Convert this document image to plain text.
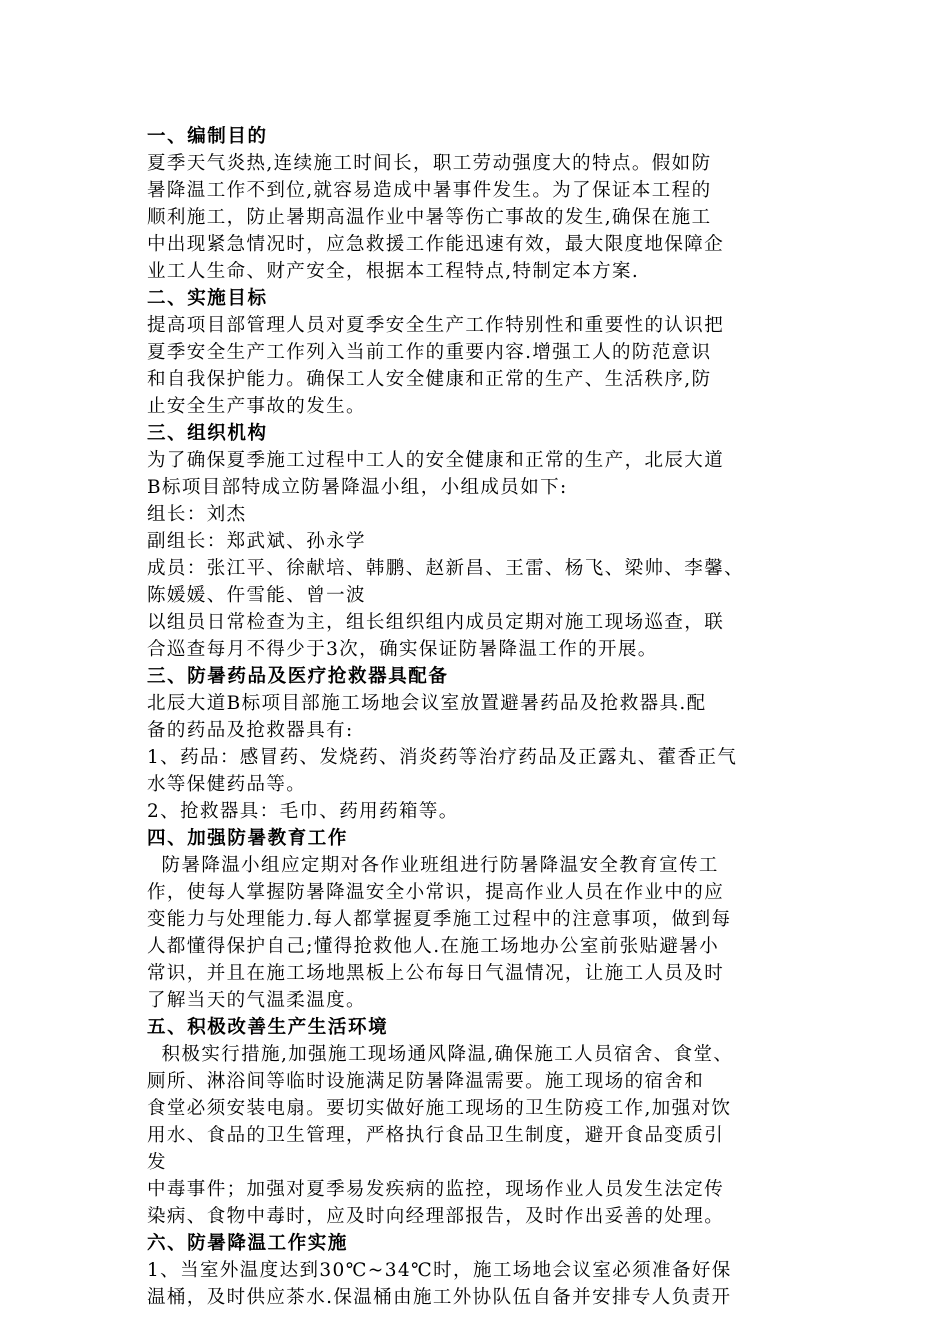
一、编制目的
夏季天气炎热,连续施工时间长，职工劳动强度大的特点。假如防
暑降温工作不到位,就容易造成中暑事件发生。为了保证本工程的
顺利施工，防止暑期高温作业中暑等伤亡事故的发生,确保在施工
中出现紧急情况时，应急救援工作能迅速有效，最大限度地保障企
业工人生命、财产安全，根据本工程特点,特制定本方案.
二、实施目标
提高项目部管理人员对夏季安全生产工作特别性和重要性的认识把
夏季安全生产工作列入当前工作的重要内容.增强工人的防范意识
和自我保护能力。确保工人安全健康和正常的生产、生活秩序,防
止安全生产事故的发生。
三、组织机构
为了确保夏季施工过程中工人的安全健康和正常的生产，北辰大道
B标项目部特成立防暑降温小组，小组成员如下:
组长：刘杰
副组长：郑武斌、孙永学
成员：张江平、徐献培、韩鹏、赵新昌、王雷、杨飞、梁帅、李馨、
陈媛媛、仵雪能、曾一波
以组员日常检查为主，组长组织组内成员定期对施工现场巡查，联
合巡查每月不得少于3次，确实保证防暑降温工作的开展。
三、防暑药品及医疗抢救器具配备
北辰大道B标项目部施工场地会议室放置避暑药品及抢救器具.配
备的药品及抢救器具有:
1、药品：感冒药、发烧药、消炎药等治疗药品及正露丸、藿香正气
水等保健药品等。
2、抢救器具：毛巾、药用药箱等。
四、加强防暑教育工作
防暑降温小组应定期对各作业班组进行防暑降温安全教育宣传工
作，使每人掌握防暑降温安全小常识，提高作业人员在作业中的应
变能力与处理能力.每人都掌握夏季施工过程中的注意事项，做到每
人都懂得保护自己;懂得抢救他人.在施工场地办公室前张贴避暑小
常识，并且在施工场地黑板上公布每日气温情况，让施工人员及时
了解当天的气温柔温度。
五、积极改善生产生活环境
积极实行措施,加强施工现场通风降温,确保施工人员宿舍、食堂、
厕所、淋浴间等临时设施满足防暑降温需要。施工现场的宿舍和
食堂必须安装电扇。要切实做好施工现场的卫生防疫工作,加强对饮
用水、食品的卫生管理，严格执行食品卫生制度，避开食品变质引
发
中毒事件；加强对夏季易发疾病的监控，现场作业人员发生法定传
染病、食物中毒时，应及时向经理部报告，及时作出妥善的处理。
六、防暑降温工作实施
1、当室外温度达到30℃~34℃时，施工场地会议室必须准备好保
温桶，及时供应茶水.保温桶由施工外协队伍自备并安排专人负责开
